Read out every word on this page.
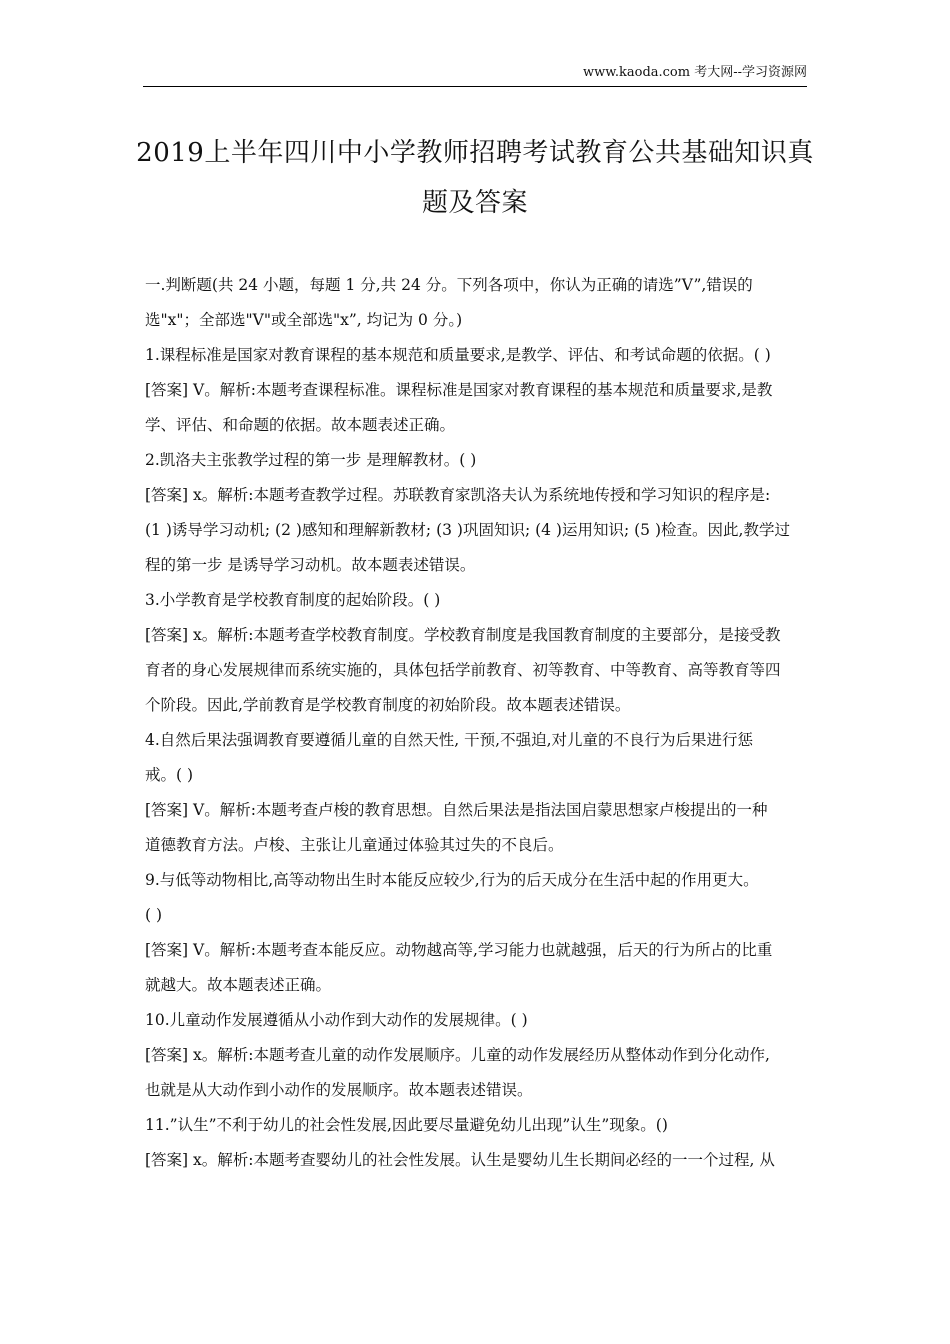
www.kaoda.com 考大网--学习资源网
2019上半年四川中小学教师招聘考试教育公共基础知识真
题及答案

一.判断题(共 24 小题，每题 1 分,共 24 分。下列各项中，你认为正确的请选”V”,错误的
选"x"；全部选"V"或全部选"x”, 均记为 0 分。)

1.课程标准是国家对教育课程的基本规范和质量要求,是教学、评估、和考试命题的依据。( )

[答案] V。解析:本题考查课程标准。课程标准是国家对教育课程的基本规范和质量要求,是教
学、评估、和命题的依据。故本题表述正确。

2.凯洛夫主张教学过程的第一步 是理解教材。( )

[答案] x。解析:本题考查教学过程。苏联教育家凯洛夫认为系统地传授和学习知识的程序是:
(1 )诱导学习动机; (2 )感知和理解新教材; (3 )巩固知识; (4 )运用知识; (5 )检查。因此,教学过
程的第一步 是诱导学习动机。故本题表述错误。

3.小学教育是学校教育制度的起始阶段。( )

[答案] x。解析:本题考查学校教育制度。学校教育制度是我国教育制度的主要部分，是接受教
育者的身心发展规律而系统实施的，具体包括学前教育、初等教育、中等教育、高等教育等四
个阶段。因此,学前教育是学校教育制度的初始阶段。故本题表述错误。

4.自然后果法强调教育要遵循儿童的自然天性, 干预,不强迫,对儿童的不良行为后果进行惩
戒。( )

[答案] V。解析:本题考查卢梭的教育思想。自然后果法是指法国启蒙思想家卢梭提出的一种
道德教育方法。卢梭、主张让儿童通过体验其过失的不良后。

9.与低等动物相比,高等动物出生时本能反应较少,行为的后天成分在生活中起的作用更大。
( )

[答案] V。解析:本题考查本能反应。动物越高等,学习能力也就越强，后天的行为所占的比重
就越大。故本题表述正确。

10.儿童动作发展遵循从小动作到大动作的发展规律。( )

[答案] x。解析:本题考查儿童的动作发展顺序。儿童的动作发展经历从整体动作到分化动作,
也就是从大动作到小动作的发展顺序。故本题表述错误。

11.”认生”不利于幼儿的社会性发展,因此要尽量避免幼儿出现”认生”现象。()

[答案] x。解析:本题考查婴幼儿的社会性发展。认生是婴幼儿生长期间必经的一一个过程, 从
